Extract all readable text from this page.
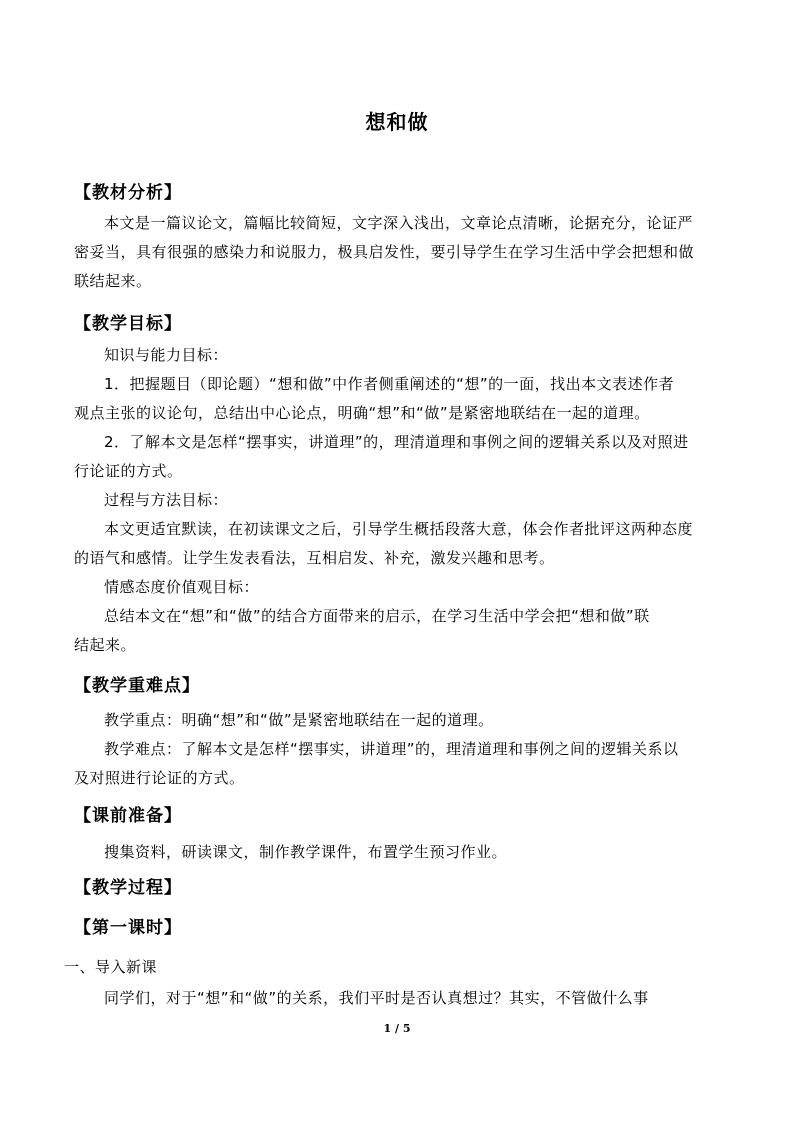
想和做
【教材分析】
本文是一篇议论文，篇幅比较简短，文字深入浅出，文章论点清晰，论据充分，论证严
密妥当，具有很强的感染力和说服力，极具启发性，要引导学生在学习生活中学会把想和做
联结起来。
【教学目标】
知识与能力目标：
1．把握题目（即论题）“想和做”中作者侧重阐述的“想”的一面，找出本文表述作者
观点主张的议论句，总结出中心论点，明确“想”和“做”是紧密地联结在一起的道理。
2．了解本文是怎样“摆事实，讲道理”的，理清道理和事例之间的逻辑关系以及对照进
行论证的方式。
过程与方法目标：
本文更适宜默读，在初读课文之后，引导学生概括段落大意，体会作者批评这两种态度
的语气和感情。让学生发表看法，互相启发、补充，激发兴趣和思考。
情感态度价值观目标：
总结本文在“想”和“做”的结合方面带来的启示，在学习生活中学会把“想和做”联
结起来。
【教学重难点】
教学重点：明确“想”和“做”是紧密地联结在一起的道理。
教学难点：了解本文是怎样“摆事实，讲道理”的，理清道理和事例之间的逻辑关系以
及对照进行论证的方式。
【课前准备】
搜集资料，研读课文，制作教学课件，布置学生预习作业。
【教学过程】
【第一课时】
一、导入新课
同学们，对于“想”和“做”的关系，我们平时是否认真想过？其实，不管做什么事
1 / 5
